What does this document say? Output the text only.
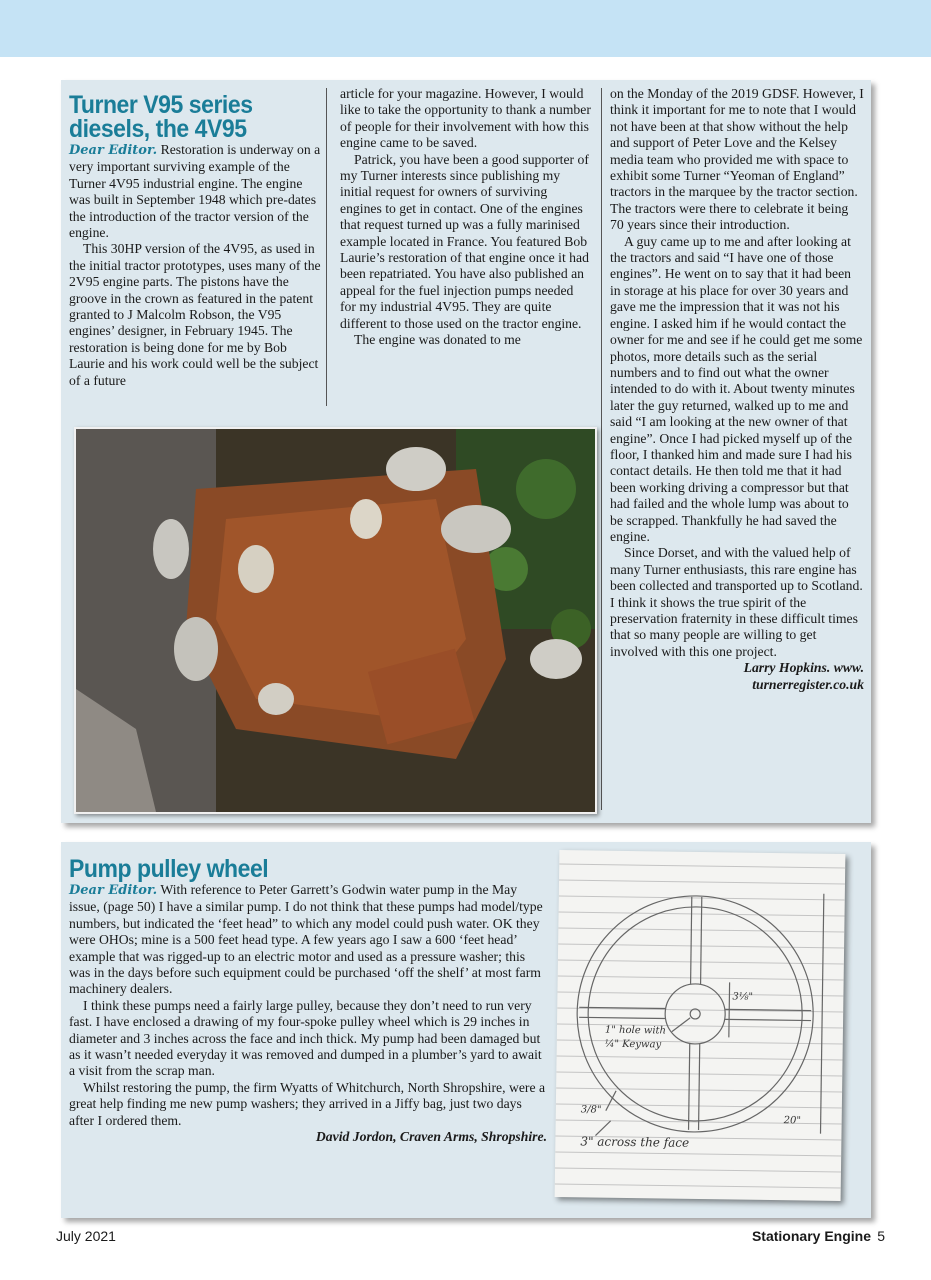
Turner V95 series

diesels, the 4V95

Dear Editor. Restoration is underway on a very important surviving example of the Turner 4V95 industrial engine. The engine was built in September 1948 which pre-dates the introduction of the tractor version of the engine.

This 30HP version of the 4V95, as used in the initial tractor prototypes, uses many of the 2V95 engine parts. The pistons have the groove in the crown as featured in the patent granted to J Malcolm Robson, the V95 engines’ designer, in February 1945. The restoration is being done for me by Bob Laurie and his work could well be the subject of a future

article for your magazine. However, I would like to take the opportunity to thank a number of people for their involvement with how this engine came to be saved.

Patrick, you have been a good supporter of my Turner interests since publishing my initial request for owners of surviving engines to get in contact. One of the engines that request turned up was a fully marinised example located in France. You featured Bob Laurie’s restoration of that engine once it had been repatriated. You have also published an appeal for the fuel injection pumps needed for my industrial 4V95. They are quite different to those used on the tractor engine.

The engine was donated to me

on the Monday of the 2019 GDSF. However, I think it important for me to note that I would not have been at that show without the help and support of Peter Love and the Kelsey media team who provided me with space to exhibit some Turner “Yeoman of England” tractors in the marquee by the tractor section. The tractors were there to celebrate it being 70 years since their introduction.

A guy came up to me and after looking at the tractors and said “I have one of those engines”. He went on to say that it had been in storage at his place for over 30 years and gave me the impression that it was not his engine. I asked him if he would contact the owner for me and see if he could get me some photos, more details such as the serial numbers and to find out what the owner intended to do with it. About twenty minutes later the guy returned, walked up to me and said “I am looking at the new owner of that engine”. Once I had picked myself up of the floor, I thanked him and made sure I had his contact details. He then told me that it had been working driving a compressor but that had failed and the whole lump was about to be scrapped. Thankfully he had saved the engine.

Since Dorset, and with the valued help of many Turner enthusiasts, this rare engine has been collected and transported up to Scotland. I think it shows the true spirit of the preservation fraternity in these difficult times that so many people are willing to get involved with this one project.

Larry Hopkins. www.

turnerregister.co.uk

Pump pulley wheel

Dear Editor. With reference to Peter Garrett’s Godwin water pump in the May issue, (page 50) I have a similar pump. I do not think that these pumps had model/type numbers, but indicated the ‘feet head” to which any model could push water. OK they were OHOs; mine is a 500 feet head type. A few years ago I saw a 600 ‘feet head’ example that was rigged-up to an electric motor and used as a pressure washer; this was in the days before such equipment could be purchased ‘off the shelf’ at most farm machinery dealers.

I think these pumps need a fairly large pulley, because they don’t need to run very fast. I have enclosed a drawing of my four-spoke pulley wheel which is 29 inches in diameter and 3 inches across the face and inch thick. My pump had been damaged but as it wasn’t needed everyday it was removed and dumped in a plumber’s yard to await a visit from the scrap man.

Whilst restoring the pump, the firm Wyatts of Whitchurch, North Shropshire, were a great help finding me new pump washers; they arrived in a Jiffy bag, just two days after I ordered them.

David Jordon, Craven Arms, Shropshire.

3⅛"
1" hole with
¼" Keyway
3/8"
20"
3" across the face
July 2021	Stationary Engine 5
